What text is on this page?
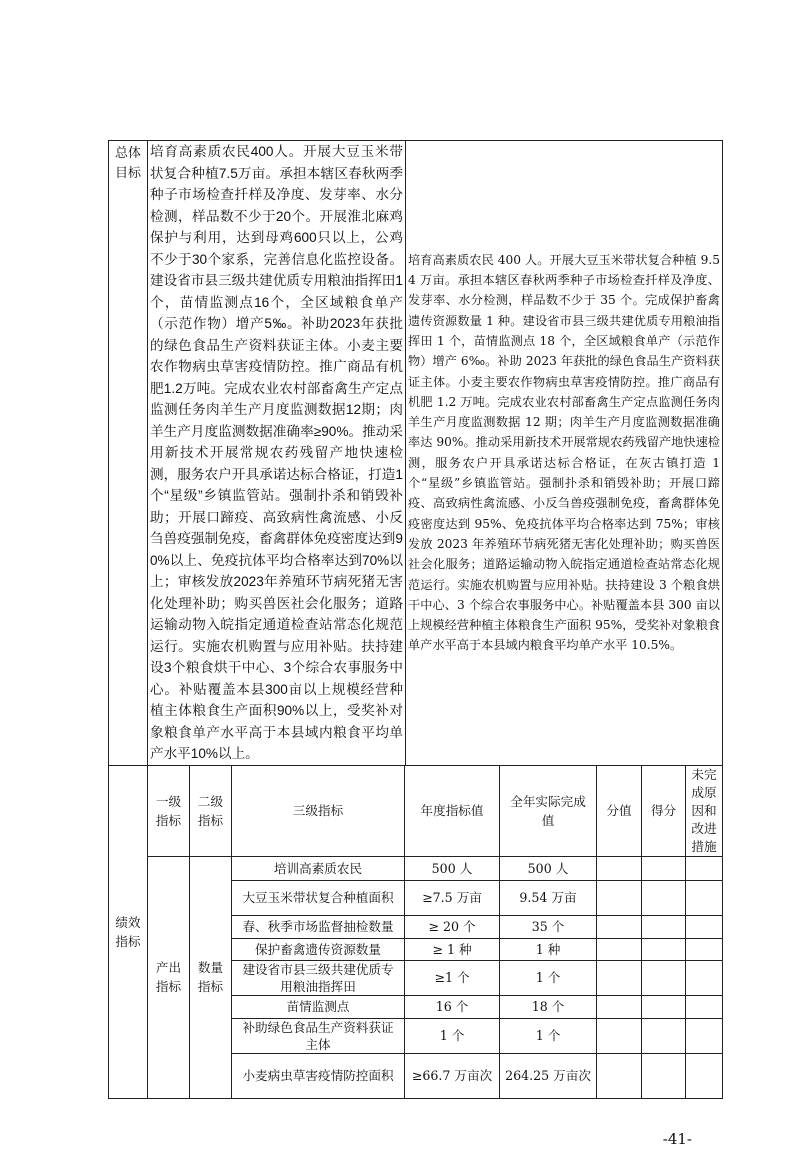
总体目标	培育高素质农民400人。开展大豆玉米带状复合种植7.5万亩。承担本辖区春秋两季种子市场检查扦样及净度、发芽率、水分检测，样品数不少于20个。开展淮北麻鸡保护与利用，达到母鸡600只以上，公鸡不少于30个家系，完善信息化监控设备。建设省市县三级共建优质专用粮油指挥田1个，苗情监测点16个，全区域粮食单产（示范作物）增产5‰。补助2023年获批的绿色食品生产资料获证主体。小麦主要农作物病虫草害疫情防控。推广商品有机肥1.2万吨。完成农业农村部畜禽生产定点监测任务肉羊生产月度监测数据12期；肉羊生产月度监测数据准确率≥90%。推动采用新技术开展常规农药残留产地快速检测，服务农户开具承诺达标合格证，打造1个“星级”乡镇监管站。强制扑杀和销毁补助；开展口蹄疫、高致病性禽流感、小反刍兽疫强制免疫，畜禽群体免疫密度达到90%以上、免疫抗体平均合格率达到70%以上；审核发放2023年养殖环节病死猪无害化处理补助；购买兽医社会化服务；道路运输动物入皖指定通道检查站常态化规范运行。实施农机购置与应用补贴。扶持建设3个粮食烘干中心、3个综合农事服务中心。补贴覆盖本县300亩以上规模经营种植主体粮食生产面积90%以上，受奖补对象粮食单产水平高于本县域内粮食平均单产水平10%以上。	培育高素质农民 400 人。开展大豆玉米带状复合种植 9.54 万亩。承担本辖区春秋两季种子市场检查扦样及净度、发芽率、水分检测，样品数不少于 35 个。完成保护畜禽遗传资源数量 1 种。建设省市县三级共建优质专用粮油指挥田 1 个，苗情监测点 18 个，全区域粮食单产（示范作物）增产 6‰。补助 2023 年获批的绿色食品生产资料获证主体。小麦主要农作物病虫草害疫情防控。推广商品有机肥 1.2 万吨。完成农业农村部畜禽生产定点监测任务肉羊生产月度监测数据 12 期；肉羊生产月度监测数据准确率达 90%。推动采用新技术开展常规农药残留产地快速检测，服务农户开具承诺达标合格证，在灰古镇打造 1 个“星级”乡镇监管站。强制扑杀和销毁补助；开展口蹄疫、高致病性禽流感、小反刍兽疫强制免疫，畜禽群体免疫密度达到 95%、免疫抗体平均合格率达到 75%；审核发放 2023 年养殖环节病死猪无害化处理补助；购买兽医社会化服务；道路运输动物入皖指定通道检查站常态化规范运行。实施农机购置与应用补贴。扶持建设 3 个粮食烘干中心、3 个综合农事服务中心。补贴覆盖本县 300 亩以上规模经营种植主体粮食生产面积 95%，受奖补对象粮食单产水平高于本县域内粮食平均单产水平 10.5%。
绩效指标	一级指标	二级指标	三级指标	年度指标值	全年实际完成值	分值	得分	未完成原因和改进措施
	产出指标	数量指标	培训高素质农民	500 人	500 人			
			大豆玉米带状复合种植面积	≥7.5 万亩	9.54 万亩			
			春、秋季市场监督抽检数量	≥ 20 个	35 个			
			保护畜禽遗传资源数量	≥ 1 种	1 种			
			建设省市县三级共建优质专用粮油指挥田	≥1 个	1 个			
			苗情监测点	16 个	18 个			
			补助绿色食品生产资料获证主体	1 个	1 个			
			小麦病虫草害疫情防控面积	≥66.7 万亩次	264.25 万亩次			
-41-
